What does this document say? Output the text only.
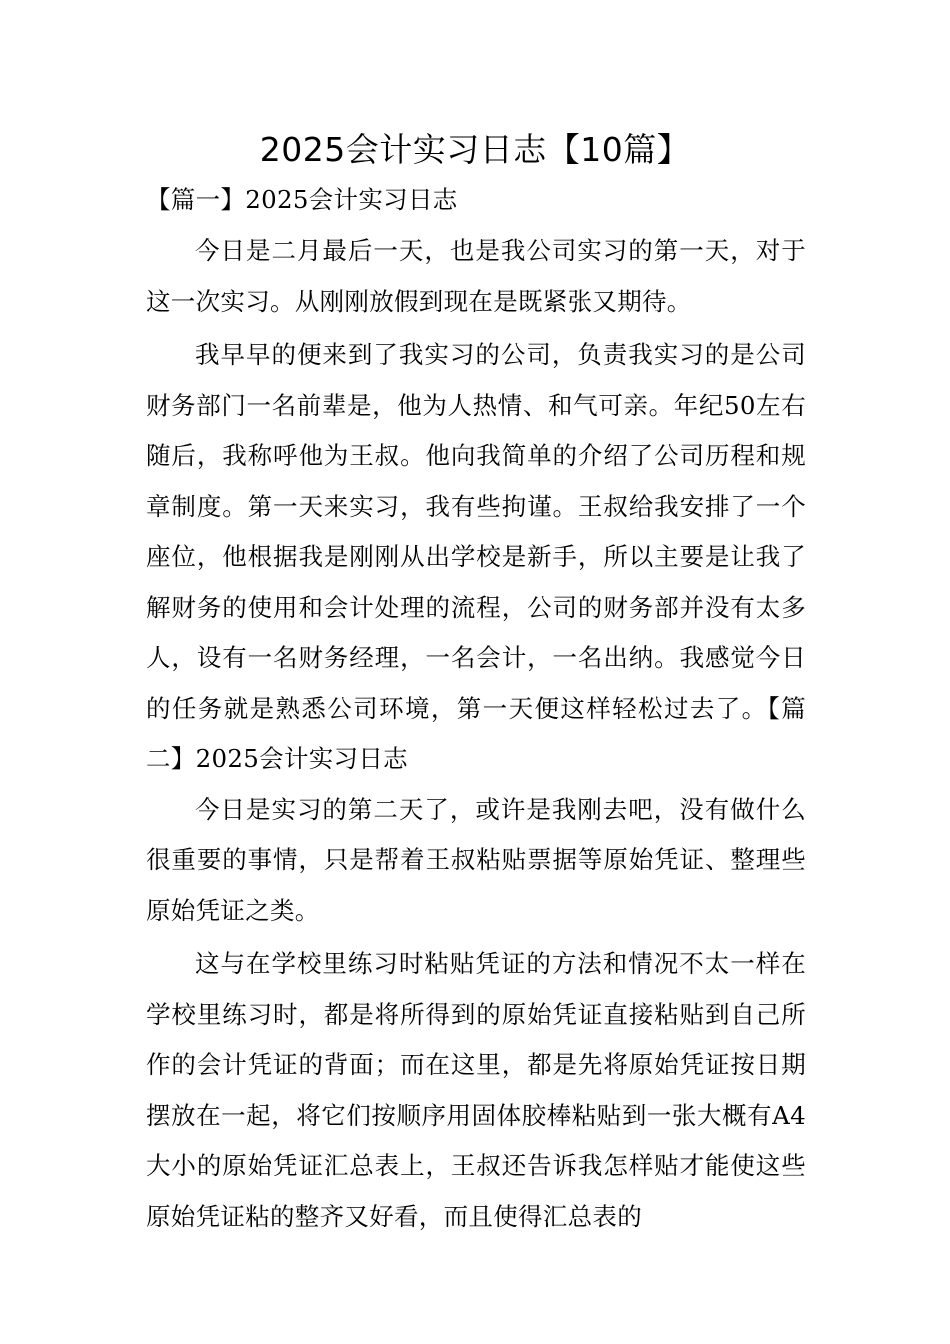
2025会计实习日志【10篇】

【篇一】2025会计实习日志

今日是二月最后一天，也是我公司实习的第一天，对于这一次实习。从刚刚放假到现在是既紧张又期待。

我早早的便来到了我实习的公司，负责我实习的是公司财务部门一名前辈是，他为人热情、和气可亲。年纪50左右随后，我称呼他为王叔。他向我简单的介绍了公司历程和规章制度。第一天来实习，我有些拘谨。王叔给我安排了一个座位，他根据我是刚刚从出学校是新手，所以主要是让我了解财务的使用和会计处理的流程，公司的财务部并没有太多人，设有一名财务经理，一名会计，一名出纳。我感觉今日的任务就是熟悉公司环境，第一天便这样轻松过去了。【篇二】2025会计实习日志

今日是实习的第二天了，或许是我刚去吧，没有做什么很重要的事情，只是帮着王叔粘贴票据等原始凭证、整理些原始凭证之类。

这与在学校里练习时粘贴凭证的方法和情况不太一样在学校里练习时，都是将所得到的原始凭证直接粘贴到自己所作的会计凭证的背面；而在这里，都是先将原始凭证按日期摆放在一起，将它们按顺序用固体胶棒粘贴到一张大概有A4大小的原始凭证汇总表上，王叔还告诉我怎样贴才能使这些原始凭证粘的整齐又好看，而且使得汇总表的
